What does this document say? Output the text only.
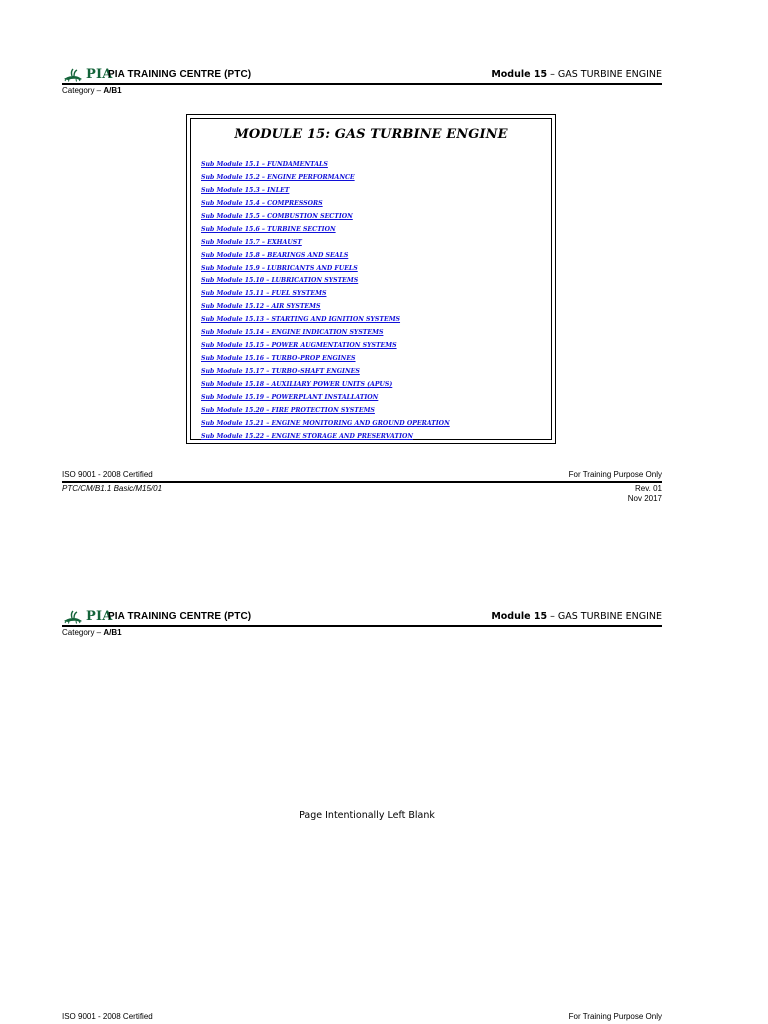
PIA
PIA TRAINING CENTRE (PTC)	Module 15 – GAS TURBINE ENGINE
Category – A/B1
MODULE 15: GAS TURBINE ENGINE
Sub Module 15.1 – FUNDAMENTALS
Sub Module 15.2 – ENGINE PERFORMANCE
Sub Module 15.3 – INLET
Sub Module 15.4 – COMPRESSORS
Sub Module 15.5 – COMBUSTION SECTION
Sub Module 15.6 – TURBINE SECTION
Sub Module 15.7 – EXHAUST
Sub Module 15.8 – BEARINGS AND SEALS
Sub Module 15.9 – LUBRICANTS AND FUELS
Sub Module 15.10 – LUBRICATION SYSTEMS
Sub Module 15.11 – FUEL SYSTEMS
Sub Module 15.12 – AIR SYSTEMS
Sub Module 15.13 – STARTING AND IGNITION SYSTEMS
Sub Module 15.14 – ENGINE INDICATION SYSTEMS
Sub Module 15.15 – POWER AUGMENTATION SYSTEMS
Sub Module 15.16 – TURBO-PROP ENGINES
Sub Module 15.17 – TURBO-SHAFT ENGINES
Sub Module 15.18 – AUXILIARY POWER UNITS (APUS)
Sub Module 15.19 – POWERPLANT INSTALLATION
Sub Module 15.20 – FIRE PROTECTION SYSTEMS
Sub Module 15.21 – ENGINE MONITORING AND GROUND OPERATION
Sub Module 15.22 – ENGINE STORAGE AND PRESERVATION
ISO 9001 - 2008 Certified	For Training Purpose Only
PTC/CM/B1.1 Basic/M15/01	Rev. 01
Nov 2017
PIA
PIA TRAINING CENTRE (PTC)	Module 15 – GAS TURBINE ENGINE
Category – A/B1
Page Intentionally Left Blank
ISO 9001 - 2008 Certified	For Training Purpose Only
